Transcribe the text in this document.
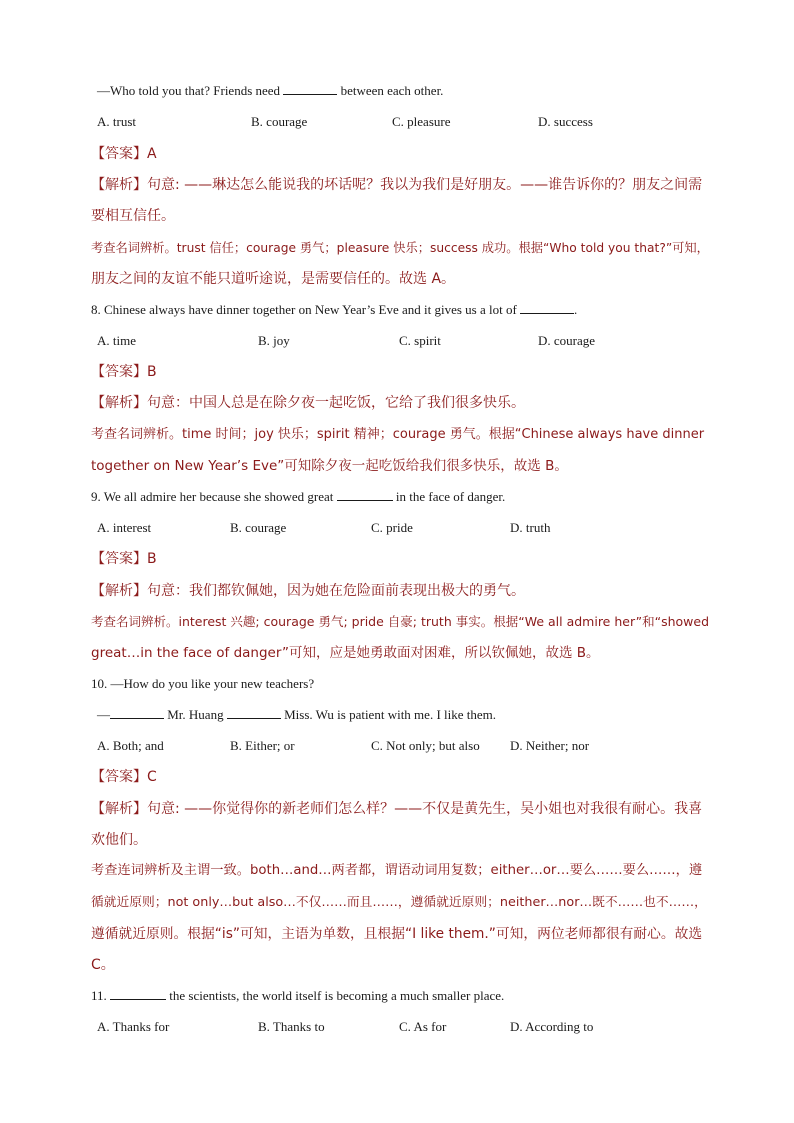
—Who told you that? Friends need	between each other.
A. trust	B. courage	C. pleasure	D. success
【答案】A
【解析】句意: ——琳达怎么能说我的坏话呢？我以为我们是好朋友。——谁告诉你的？朋友之间需
要相互信任。
考查名词辨析。trust 信任；courage 勇气；pleasure 快乐；success 成功。根据“Who told you that?”可知，
朋友之间的友谊不能只道听途说，是需要信任的。故选 A。
8. Chinese always have dinner together on New Year’s Eve and it gives us a lot of	.
A. time	B. joy	C. spirit	D. courage
【答案】B
【解析】句意：中国人总是在除夕夜一起吃饭，它给了我们很多快乐。
考查名词辨析。time 时间；joy 快乐；spirit 精神；courage 勇气。根据“Chinese always have dinner
together on New Year’s Eve”可知除夕夜一起吃饭给我们很多快乐，故选 B。
9. We all admire her because she showed great	in the face of danger.
A. interest	B. courage	C. pride	D. truth
【答案】B
【解析】句意：我们都钦佩她，因为她在危险面前表现出极大的勇气。
考查名词辨析。interest 兴趣; courage 勇气; pride 自豪; truth 事实。根据“We all admire her”和“showed
great…in the face of danger”可知，应是她勇敢面对困难，所以钦佩她，故选 B。
10. —How do you like your new teachers?
—	Mr. Huang	Miss. Wu is patient with me. I like them.
A. Both; and	B. Either; or	C. Not only; but also D. Neither; nor
【答案】C
【解析】句意: ——你觉得你的新老师们怎么样？——不仅是黄先生，吴小姐也对我很有耐心。我喜
欢他们。
考查连词辨析及主谓一致。both…and…两者都，谓语动词用复数；either…or…要么……要么……，遵
循就近原则；not only…but also…不仅……而且……，遵循就近原则；neither…nor…既不……也不……，
遵循就近原则。根据“is”可知，主语为单数，且根据“I like them.”可知，两位老师都很有耐心。故选
C。
11.	the scientists, the world itself is becoming a much smaller place.
A. Thanks for	B. Thanks to	C. As for	D. According to
